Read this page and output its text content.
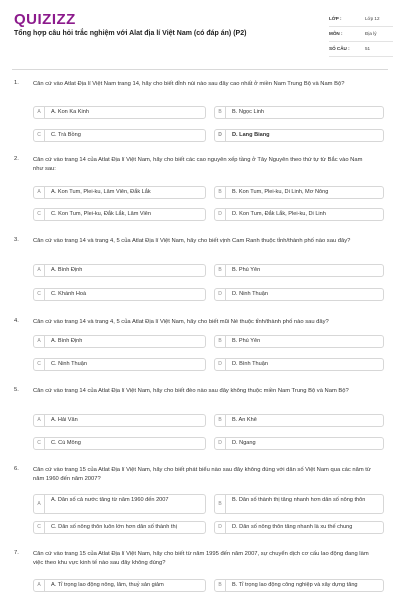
QUIZIZZ
Tổng hợp câu hỏi trắc nghiệm với Alat địa lí Việt Nam (có đáp án) (P2)
LỚP :	Lớp 12
MÔN :	Địa lý
SỐ CÂU :	51
1. Căn cứ vào Atlat Địa lí Việt Nam trang 14, hãy cho biết đỉnh núi nào sau đây cao nhất ở miền Nam Trung Bộ và Nam Bộ?
A	A. Kon Ka Kinh	B	B. Ngọc Linh
C	C. Trà Bồng	D	D. Lang Biang
2. Căn cứ vào trang 14 của Atlat Địa lí Việt Nam, hãy cho biết các cao nguyên xếp tầng ở Tây Nguyên theo thứ tự từ Bắc vào Nam như sau:
A	A. Kon Tum, Plei-ku, Lâm Viên, Đắk Lắk	B	B. Kon Tum, Plei-ku, Di Linh, Mơ Nông
C	C. Kon Tum, Plei-ku, Đắk Lắk, Lâm Viên	D	D. Kon Tum, Đắk Lắk, Plei-ku, Di Linh
3. Căn cứ vào trang 14 và trang 4, 5 của Atlat Địa lí Việt Nam, hãy cho biết vịnh Cam Ranh thuộc tỉnh/thành phố nào sau đây?
A	A. Bình Định	B	B. Phú Yên
C	C. Khánh Hoà	D	D. Ninh Thuận
4. Căn cứ vào trang 14 và trang 4, 5 của Atlat Địa lí Việt Nam, hãy cho biết mũi Né thuộc tỉnh/thành phố nào sau đây?
A	A. Bình Định	B	B. Phú Yên
C	C. Ninh Thuận	D	D. Bình Thuận
5. Căn cứ vào trang 14 của Atlat Địa lí Việt Nam, hãy cho biết đèo nào sau đây không thuộc miền Nam Trung Bộ và Nam Bộ?
A	A. Hải Vân	B	B. An Khê
C	C. Cù Mông	D	D. Ngang
6. Căn cứ vào trang 15 của Atlat Địa lí Việt Nam, hãy cho biết phát biểu nào sau đây không đúng với dân số Việt Nam qua các năm từ năm 1960 đến năm 2007?
A
A. Dân số cả nước tăng từ năm 1960 đến 2007
B
B. Dân số thành thị tăng nhanh hơn dân số nông thôn
C	C. Dân số nông thôn luôn lớn hơn dân số thành thị	D	D. Dân số nông thôn tăng nhanh là xu thế chung
7. Căn cứ vào trang 15 của Atlat Địa lí Việt Nam, hãy cho biết từ năm 1995 đến năm 2007, sự chuyển dịch cơ cấu lao động đang làm việc theo khu vực kinh tế nào sau đây không đúng?
A	A. Tỉ trọng lao động nông, lâm, thuỷ sản giảm	B	B. Tỉ trọng lao động công nghiệp và xây dựng tăng
